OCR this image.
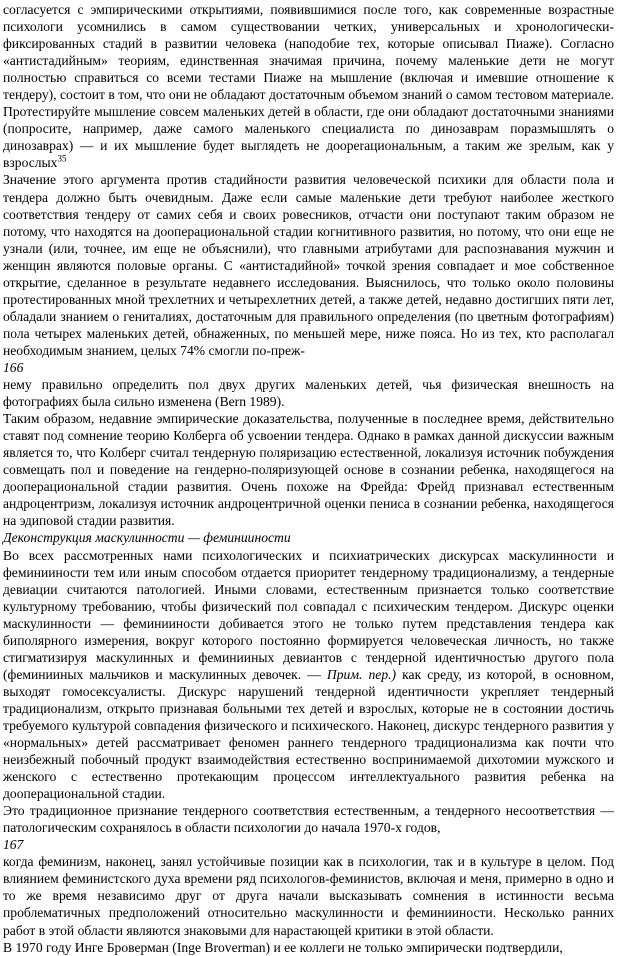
согласуется с эмпирическими открытиями, появившимися после того, как современные возрастные психологи усомнились в самом существовании четких, универсальных и хронологически-фиксированных стадий в развитии человека (наподобие тех, которые описывал Пиаже). Согласно «антистадийным» теориям, единственная значимая причина, почему маленькие дети не могут полностью справиться со всеми тестами Пиаже на мышление (включая и имевшие отношение к тендеру), состоит в том, что они не обладают достаточным объемом знаний о самом тестовом материале. Протестируйте мышление совсем маленьких детей в области, где они обладают достаточными знаниями (попросите, например, даже самого маленького специалиста по динозаврам поразмышлять о динозаврах) — и их мышление будет выглядеть не доoperационaльным, а таким же зрелым, как у взрослых$^{35}$

Значение этого аргумента против стадийности развития человеческой психики для области пола и тендера должно быть очевидным. Даже если самые маленькие дети требуют наиболее жесткого соответствия тендеру от самих себя и своих ровесников, отчасти они поступают таким образом не потому, что находятся на дооперациональной стадии когнитивного развития, но потому, что они еще не узнали (или, точнее, им еще не объяснили), что главными атрибутами для распознавания мужчин и женщин являются половые органы. С «антистадийной» точкой зрения совпадает и мое собственное открытие, сделанное в результате недавнего исследования. Выяснилось, что только около половины протестированных мной трехлетних и четырехлетних детей, а также детей, недавно достигших пяти лет, обладали знанием о гениталиях, достаточным для правильного определения (по цветным фотографиям) пола четырех маленьких детей, обнаженных, по меньшей мере, ниже пояса. Но из тех, кто располагал необходимым знанием, целых 74% смогли по-преж-

166

нему правильно определить пол двух других маленьких детей, чья физическая внешность на фотографиях была сильно изменена (Bern 1989).

Таким образом, недавние эмпирические доказательства, полученные в последнее время, действительно ставят под сомнение теорию Колберга об усвоении тендера. Однако в рамках данной дискуссии важным является то, что Колберг считал тендерную поляризацию естественной, локализуя источник побуждения совмещать пол и поведение на гендерно-поляризующей основе в сознании ребенка, находящегося на дооперациональной стадии развития. Очень похоже на Фрейда: Фрейд признавал естественным андроцентризм, локализуя источник андроцентричной оценки пениса в сознании ребенка, находящегося на эдиповой стадии развития.

Деконструкция маскулинности — феминииности

Во всех рассмотренных нами психологических и психиатрических дискурсах маскулинности и феминииности тем или иным способом отдается приоритет тендерному традиционализму, а тендерные девиации считаются патологией. Иными словами, естественным признается только соответствие культурному требованию, чтобы физический пол совпадал с психическим тендером. Дискурс оценки маскулинности — феминииности добивается этого не только путем представления тендера как биполярного измерения, вокруг которого постоянно формируется человеческая личность, но также стигматизируя маскулинных и феминииных девиантов с тендерной идентичностью другого пола (феминииных мальчиков и маскулинных девочек. — Прим. пер.) как среду, из которой, в основном, выходят гомосексуалисты. Дискурс нарушений тендерной идентичности укрепляет тендерный традиционализм, открыто признавая больными тех детей и взрослых, которые не в состоянии достичь требуемого культурой совпадения физического и психического. Наконец, дискурс тендерного развития у «нормальных» детей рассматривает феномен раннего тендерного традиционализма как почти что неизбежный побочный продукт взаимодействия естественно воспринимаемой дихотомии мужского и женского с естественно протекающим процессом интеллектуального развития ребенка на дооперациональной стадии.

Это традиционное признание тендерного соответствия естественным, а тендерного несоответствия — патологическим сохранялось в области психологии до начала 1970-х годов,

167

когда феминизм, наконец, занял устойчивые позиции как в психологии, так и в культуре в целом. Под влиянием феминистского духа времени ряд психологов-феминистов, включая и меня, примерно в одно и то же время независимо друг от друга начали высказывать сомнения в истинности весьма проблематичных предположений относительно маскулинности и феминииности. Несколько ранних работ в этой области являются знаковыми для нарастающей критики в этой области.

В 1970 году Инге Броверман (Inge Broverman) и ее коллеги не только эмпирически подтвердили,
